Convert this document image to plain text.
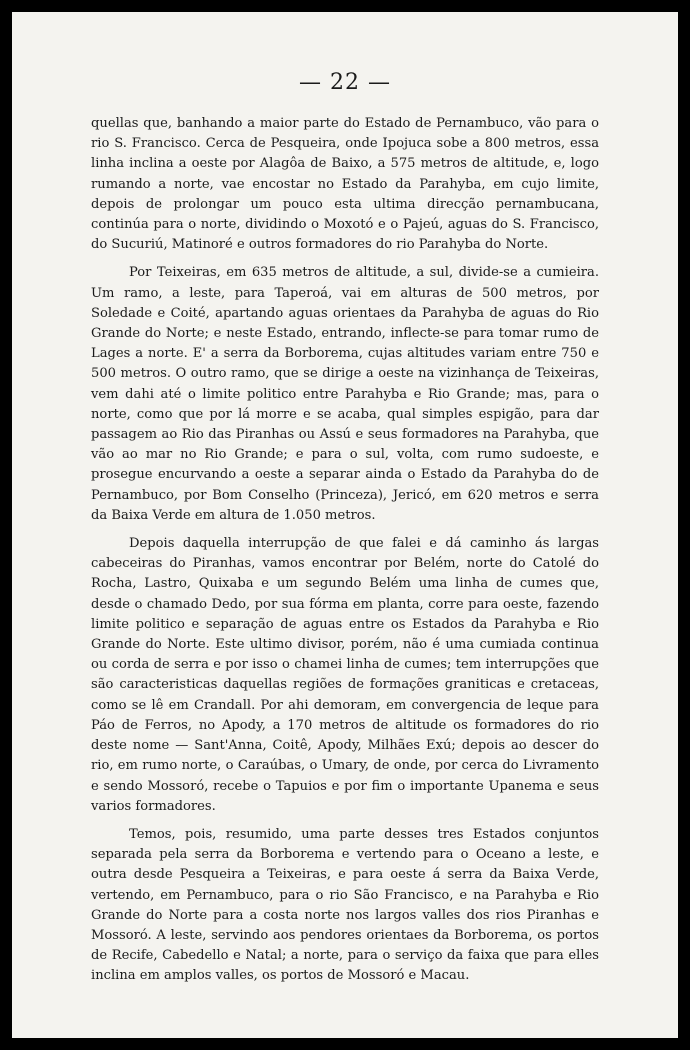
— 22 —

quellas que, banhando a maior parte do Estado de Pernambuco, vão para o rio S. Francisco. Cerca de Pesqueira, onde Ipojuca sobe a 800 metros, essa linha inclina a oeste por Alagôa de Baixo, a 575 metros de altitude, e, logo rumando a norte, vae encostar no Estado da Parahyba, em cujo limite, depois de prolongar um pouco esta ultima direcção pernambucana, continúa para o norte, dividindo o Moxotó e o Pajeú, aguas do S. Francisco, do Sucuriú, Matinoré e outros formadores do rio Parahyba do Norte.

Por Teixeiras, em 635 metros de altitude, a sul, divide-se a cumieira. Um ramo, a leste, para Taperoá, vai em alturas de 500 metros, por Soledade e Coité, apartando aguas orientaes da Parahyba de aguas do Rio Grande do Norte; e neste Estado, entrando, inflecte-se para tomar rumo de Lages a norte. E' a serra da Borborema, cujas altitudes variam entre 750 e 500 metros. O outro ramo, que se dirige a oeste na vizinhança de Teixeiras, vem dahi até o limite politico entre Parahyba e Rio Grande; mas, para o norte, como que por lá morre e se acaba, qual simples espigão, para dar passagem ao Rio das Piranhas ou Assú e seus formadores na Parahyba, que vão ao mar no Rio Grande; e para o sul, volta, com rumo sudoeste, e prosegue encurvando a oeste a separar ainda o Estado da Parahyba do de Pernambuco, por Bom Conselho (Princeza), Jericó, em 620 metros e serra da Baixa Verde em altura de 1.050 metros.

Depois daquella interrupção de que falei e dá caminho ás largas cabeceiras do Piranhas, vamos encontrar por Belém, norte do Catolé do Rocha, Lastro, Quixaba e um segundo Belém uma linha de cumes que, desde o chamado Dedo, por sua fórma em planta, corre para oeste, fazendo limite politico e separação de aguas entre os Estados da Parahyba e Rio Grande do Norte. Este ultimo divisor, porém, não é uma cumiada continua ou corda de serra e por isso o chamei linha de cumes; tem interrupções que são caracteristicas daquellas regiões de formações graniticas e cretaceas, como se lê em Crandall. Por ahi demoram, em convergencia de leque para Páo de Ferros, no Apody, a 170 metros de altitude os formadores do rio deste nome — Sant'Anna, Coitê, Apody, Milhães Exú; depois ao descer do rio, em rumo norte, o Caraúbas, o Umary, de onde, por cerca do Livramento e sendo Mossoró, recebe o Tapuios e por fim o importante Upanema e seus varios formadores.

Temos, pois, resumido, uma parte desses tres Estados conjuntos separada pela serra da Borborema e vertendo para o Oceano a leste, e outra desde Pesqueira a Teixeiras, e para oeste á serra da Baixa Verde, vertendo, em Pernambuco, para o rio São Francisco, e na Parahyba e Rio Grande do Norte para a costa norte nos largos valles dos rios Piranhas e Mossoró. A leste, servindo aos pendores orientaes da Borborema, os portos de Recife, Cabedello e Natal; a norte, para o serviço da faixa que para elles inclina em amplos valles, os portos de Mossoró e Macau.
